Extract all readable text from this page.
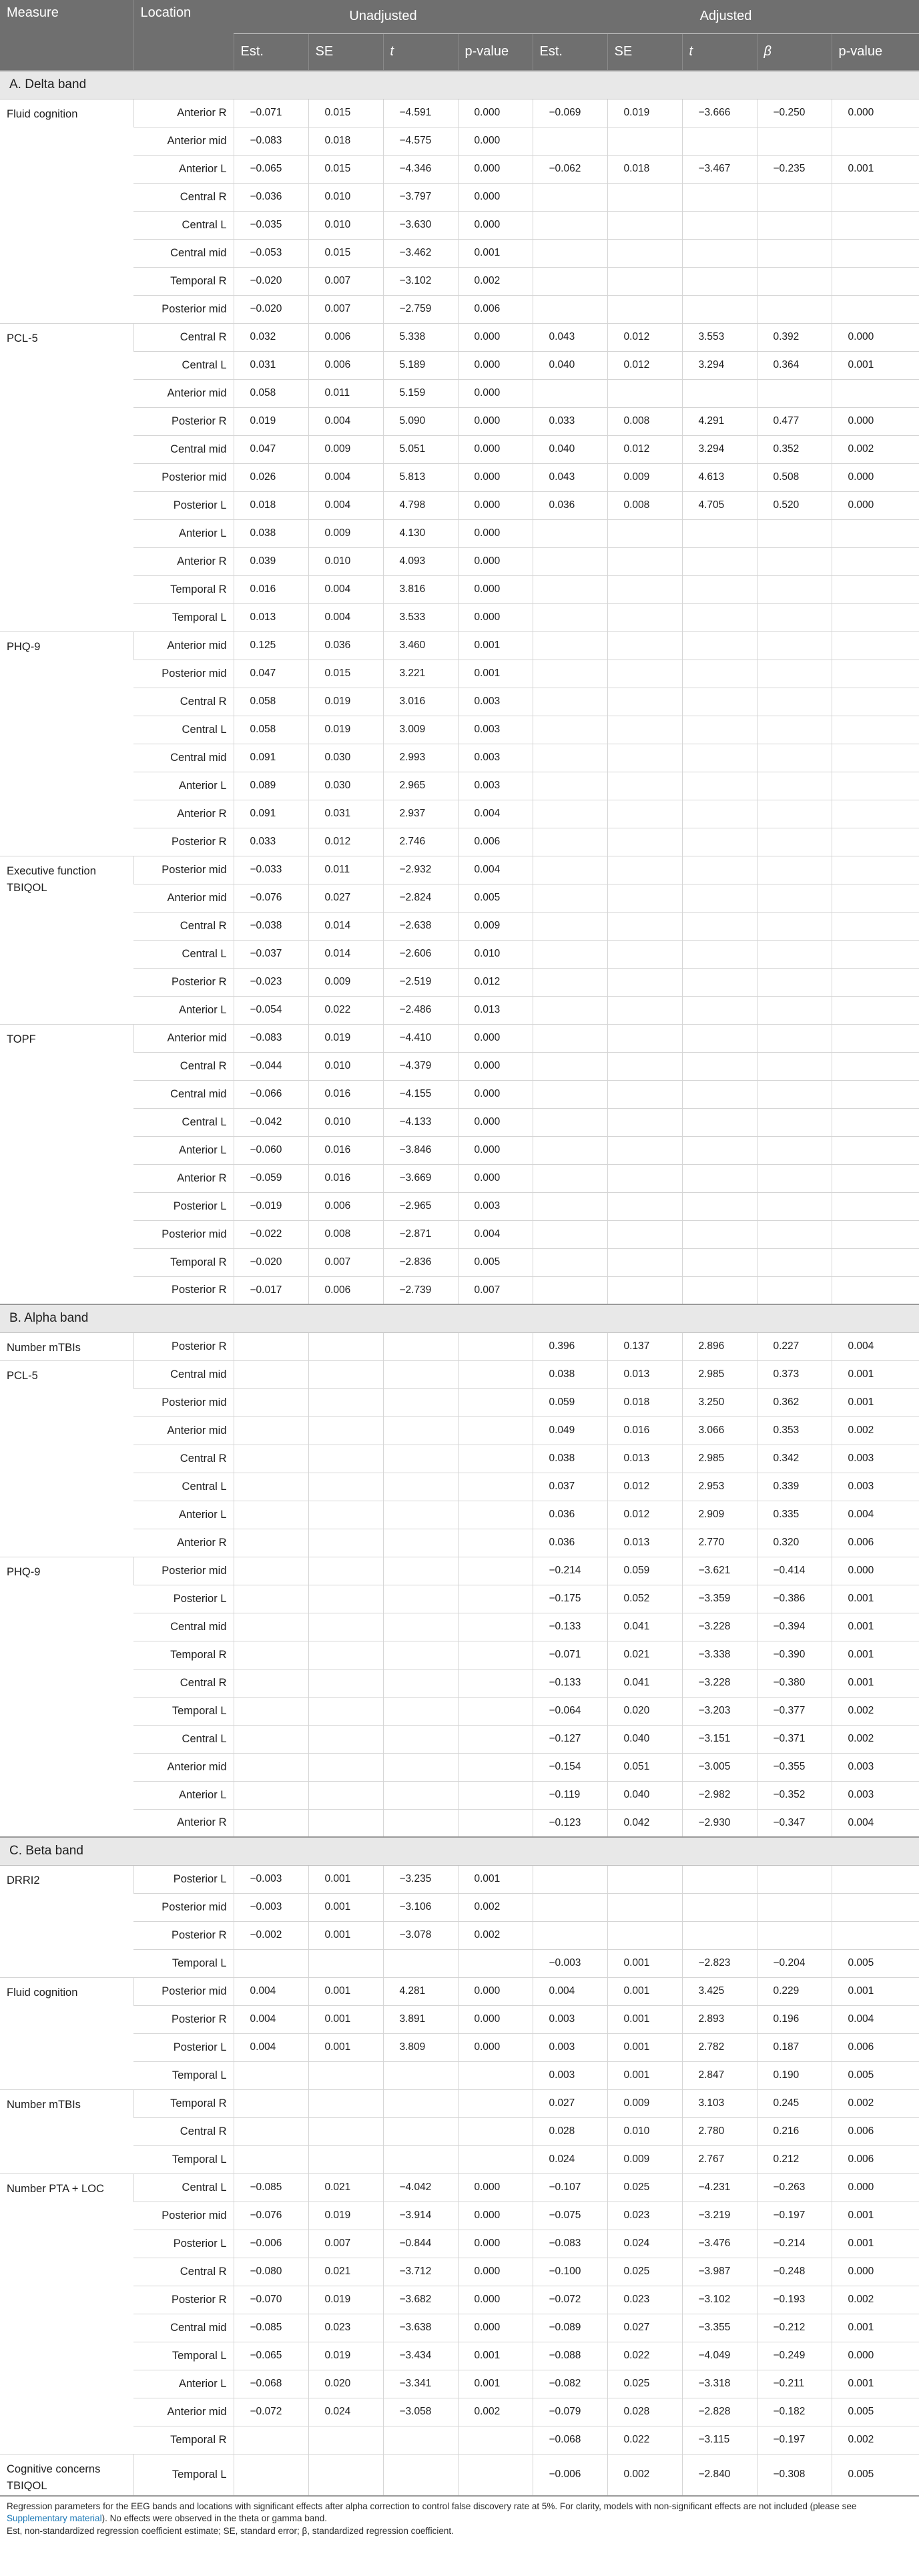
Measure	Location	Unadjusted				Adjusted				
		Est.	SE	t	p-value	Est.	SE	t	β	p-value
A. Delta band										
Fluid cognition	Anterior R	−0.071	0.015	−4.591	0.000	−0.069	0.019	−3.666	−0.250	0.000
	Anterior mid	−0.083	0.018	−4.575	0.000					
	Anterior L	−0.065	0.015	−4.346	0.000	−0.062	0.018	−3.467	−0.235	0.001
	Central R	−0.036	0.010	−3.797	0.000					
	Central L	−0.035	0.010	−3.630	0.000					
	Central mid	−0.053	0.015	−3.462	0.001					
	Temporal R	−0.020	0.007	−3.102	0.002					
	Posterior mid	−0.020	0.007	−2.759	0.006					
PCL-5	Central R	0.032	0.006	5.338	0.000	0.043	0.012	3.553	0.392	0.000
	Central L	0.031	0.006	5.189	0.000	0.040	0.012	3.294	0.364	0.001
	Anterior mid	0.058	0.011	5.159	0.000					
	Posterior R	0.019	0.004	5.090	0.000	0.033	0.008	4.291	0.477	0.000
	Central mid	0.047	0.009	5.051	0.000	0.040	0.012	3.294	0.352	0.002
	Posterior mid	0.026	0.004	5.813	0.000	0.043	0.009	4.613	0.508	0.000
	Posterior L	0.018	0.004	4.798	0.000	0.036	0.008	4.705	0.520	0.000
	Anterior L	0.038	0.009	4.130	0.000					
	Anterior R	0.039	0.010	4.093	0.000					
	Temporal R	0.016	0.004	3.816	0.000					
	Temporal L	0.013	0.004	3.533	0.000					
PHQ-9	Anterior mid	0.125	0.036	3.460	0.001					
	Posterior mid	0.047	0.015	3.221	0.001					
	Central R	0.058	0.019	3.016	0.003					
	Central L	0.058	0.019	3.009	0.003					
	Central mid	0.091	0.030	2.993	0.003					
	Anterior L	0.089	0.030	2.965	0.003					
	Anterior R	0.091	0.031	2.937	0.004					
	Posterior R	0.033	0.012	2.746	0.006					
Executive function TBIQOL	Posterior mid	−0.033	0.011	−2.932	0.004					
	Anterior mid	−0.076	0.027	−2.824	0.005					
	Central R	−0.038	0.014	−2.638	0.009					
	Central L	−0.037	0.014	−2.606	0.010					
	Posterior R	−0.023	0.009	−2.519	0.012					
	Anterior L	−0.054	0.022	−2.486	0.013					
TOPF	Anterior mid	−0.083	0.019	−4.410	0.000					
	Central R	−0.044	0.010	−4.379	0.000					
	Central mid	−0.066	0.016	−4.155	0.000					
	Central L	−0.042	0.010	−4.133	0.000					
	Anterior L	−0.060	0.016	−3.846	0.000					
	Anterior R	−0.059	0.016	−3.669	0.000					
	Posterior L	−0.019	0.006	−2.965	0.003					
	Posterior mid	−0.022	0.008	−2.871	0.004					
	Temporal R	−0.020	0.007	−2.836	0.005					
	Posterior R	−0.017	0.006	−2.739	0.007					
B. Alpha band										
Number mTBIs	Posterior R					0.396	0.137	2.896	0.227	0.004
PCL-5	Central mid					0.038	0.013	2.985	0.373	0.001
	Posterior mid					0.059	0.018	3.250	0.362	0.001
	Anterior mid					0.049	0.016	3.066	0.353	0.002
	Central R					0.038	0.013	2.985	0.342	0.003
	Central L					0.037	0.012	2.953	0.339	0.003
	Anterior L					0.036	0.012	2.909	0.335	0.004
	Anterior R					0.036	0.013	2.770	0.320	0.006
PHQ-9	Posterior mid					−0.214	0.059	−3.621	−0.414	0.000
	Posterior L					−0.175	0.052	−3.359	−0.386	0.001
	Central mid					−0.133	0.041	−3.228	−0.394	0.001
	Temporal R					−0.071	0.021	−3.338	−0.390	0.001
	Central R					−0.133	0.041	−3.228	−0.380	0.001
	Temporal L					−0.064	0.020	−3.203	−0.377	0.002
	Central L					−0.127	0.040	−3.151	−0.371	0.002
	Anterior mid					−0.154	0.051	−3.005	−0.355	0.003
	Anterior L					−0.119	0.040	−2.982	−0.352	0.003
	Anterior R					−0.123	0.042	−2.930	−0.347	0.004
C. Beta band										
DRRI2	Posterior L	−0.003	0.001	−3.235	0.001					
	Posterior mid	−0.003	0.001	−3.106	0.002					
	Posterior R	−0.002	0.001	−3.078	0.002					
	Temporal L					−0.003	0.001	−2.823	−0.204	0.005
Fluid cognition	Posterior mid	0.004	0.001	4.281	0.000	0.004	0.001	3.425	0.229	0.001
	Posterior R	0.004	0.001	3.891	0.000	0.003	0.001	2.893	0.196	0.004
	Posterior L	0.004	0.001	3.809	0.000	0.003	0.001	2.782	0.187	0.006
	Temporal L					0.003	0.001	2.847	0.190	0.005
Number mTBIs	Temporal R					0.027	0.009	3.103	0.245	0.002
	Central R					0.028	0.010	2.780	0.216	0.006
	Temporal L					0.024	0.009	2.767	0.212	0.006
Number PTA + LOC	Central L	−0.085	0.021	−4.042	0.000	−0.107	0.025	−4.231	−0.263	0.000
	Posterior mid	−0.076	0.019	−3.914	0.000	−0.075	0.023	−3.219	−0.197	0.001
	Posterior L	−0.006	0.007	−0.844	0.000	−0.083	0.024	−3.476	−0.214	0.001
	Central R	−0.080	0.021	−3.712	0.000	−0.100	0.025	−3.987	−0.248	0.000
	Posterior R	−0.070	0.019	−3.682	0.000	−0.072	0.023	−3.102	−0.193	0.002
	Central mid	−0.085	0.023	−3.638	0.000	−0.089	0.027	−3.355	−0.212	0.001
	Temporal L	−0.065	0.019	−3.434	0.001	−0.088	0.022	−4.049	−0.249	0.000
	Anterior L	−0.068	0.020	−3.341	0.001	−0.082	0.025	−3.318	−0.211	0.001
	Anterior mid	−0.072	0.024	−3.058	0.002	−0.079	0.028	−2.828	−0.182	0.005
	Temporal R					−0.068	0.022	−3.115	−0.197	0.002
Cognitive concerns TBIQOL	Temporal L					−0.006	0.002	−2.840	−0.308	0.005

Regression parameters for the EEG bands and locations with significant effects after alpha correction to control false discovery rate at 5%. For clarity, models with non-significant effects are not included (please see Supplementary material). No effects were observed in the theta or gamma band.

Est, non-standardized regression coefficient estimate; SE, standard error; β, standardized regression coefficient.
